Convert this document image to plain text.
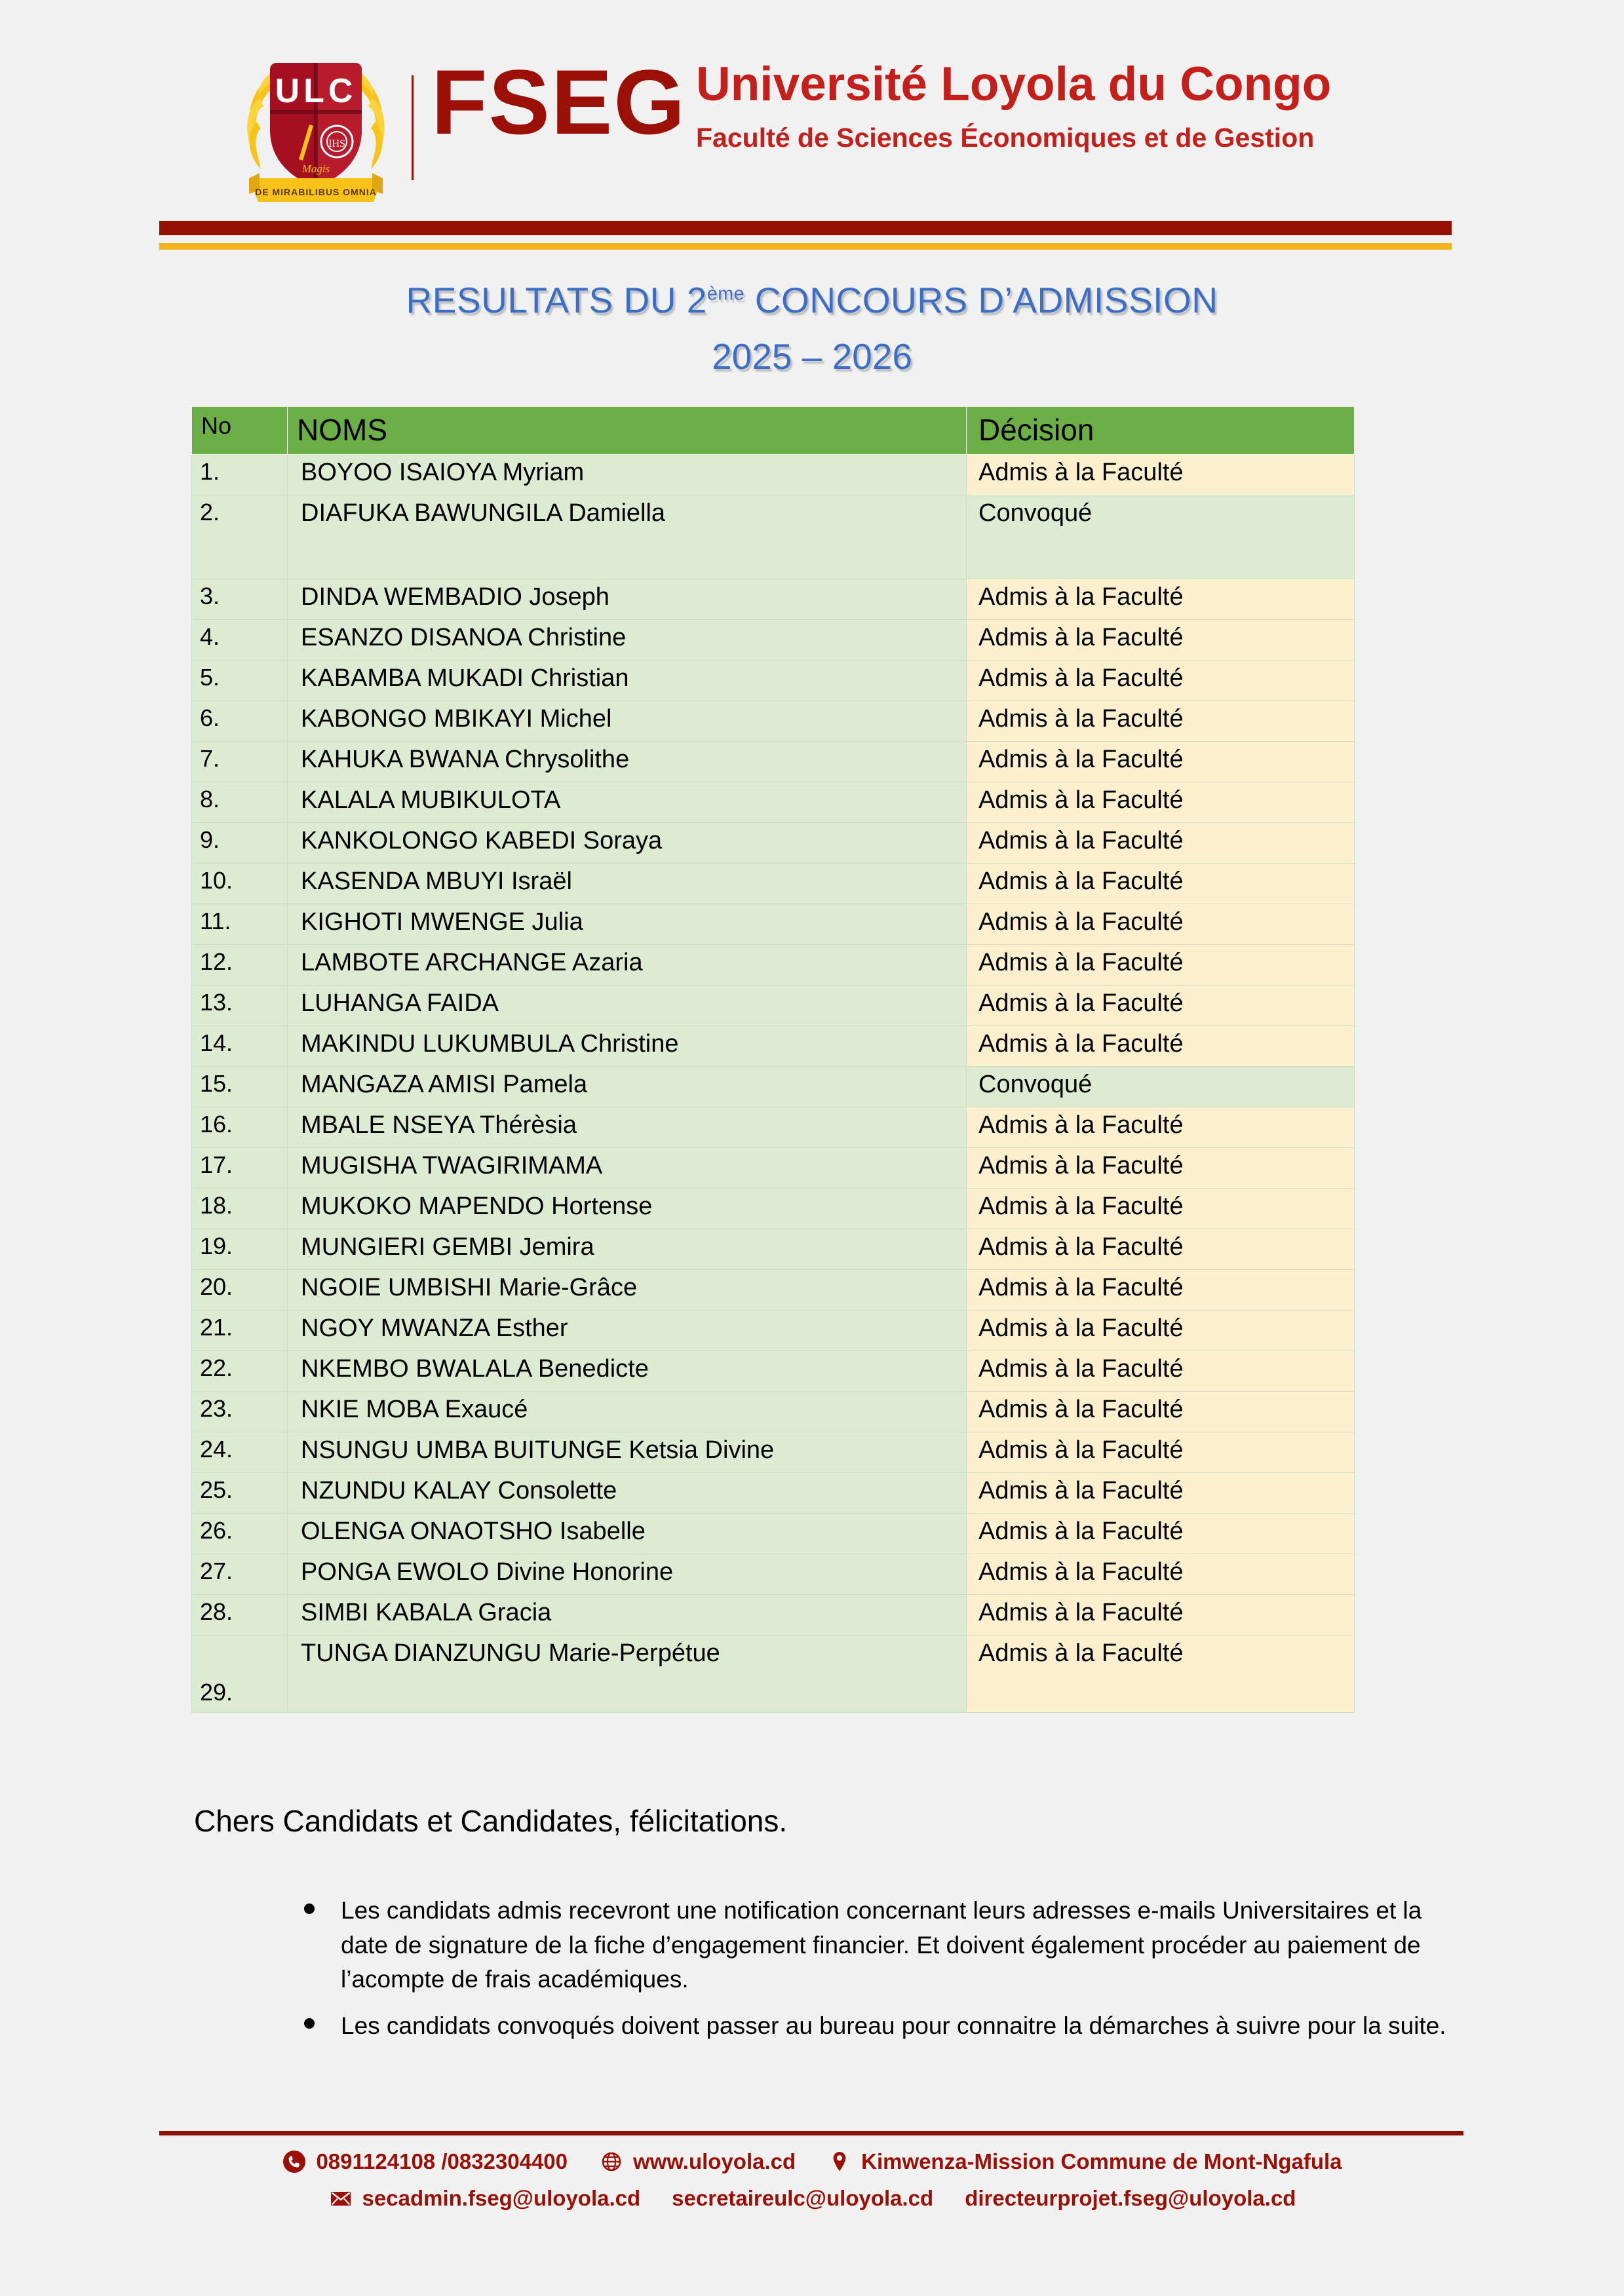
ULC
IHS
Magis
DE MIRABILIBUS OMNIA
FSEG Université Loyola du Congo
Faculté de Sciences Économiques et de Gestion
RESULTATS DU 2ème CONCOURS D’ADMISSION
2025 – 2026
No	NOMS	Décision
1.	BOYOO ISAIOYA Myriam	Admis à la Faculté
2.	DIAFUKA BAWUNGILA Damiella	Convoqué
3.	DINDA WEMBADIO Joseph	Admis à la Faculté
4.	ESANZO DISANOA Christine	Admis à la Faculté
5.	KABAMBA MUKADI Christian	Admis à la Faculté
6.	KABONGO MBIKAYI Michel	Admis à la Faculté
7.	KAHUKA BWANA Chrysolithe	Admis à la Faculté
8.	KALALA MUBIKULOTA	Admis à la Faculté
9.	KANKOLONGO KABEDI Soraya	Admis à la Faculté
10.	KASENDA MBUYI Israël	Admis à la Faculté
11.	KIGHOTI MWENGE Julia	Admis à la Faculté
12.	LAMBOTE ARCHANGE Azaria	Admis à la Faculté
13.	LUHANGA FAIDA	Admis à la Faculté
14.	MAKINDU LUKUMBULA Christine	Admis à la Faculté
15.	MANGAZA AMISI Pamela	Convoqué
16.	MBALE NSEYA Thérèsia	Admis à la Faculté
17.	MUGISHA TWAGIRIMAMA	Admis à la Faculté
18.	MUKOKO MAPENDO Hortense	Admis à la Faculté
19.	MUNGIERI GEMBI Jemira	Admis à la Faculté
20.	NGOIE UMBISHI Marie-Grâce	Admis à la Faculté
21.	NGOY MWANZA Esther	Admis à la Faculté
22.	NKEMBO BWALALA Benedicte	Admis à la Faculté
23.	NKIE MOBA Exaucé	Admis à la Faculté
24.	NSUNGU UMBA BUITUNGE Ketsia Divine	Admis à la Faculté
25.	NZUNDU KALAY Consolette	Admis à la Faculté
26.	OLENGA ONAOTSHO Isabelle	Admis à la Faculté
27.	PONGA EWOLO Divine Honorine	Admis à la Faculté
28.	SIMBI KABALA Gracia	Admis à la Faculté
29.	TUNGA DIANZUNGU Marie-Perpétue	Admis à la Faculté
Chers Candidats et Candidates, félicitations.
Les candidats admis recevront une notification concernant leurs adresses e-mails Universitaires et la date de signature de la fiche d’engagement financier. Et doivent également procéder au paiement de l’acompte de frais académiques.
Les candidats convoqués doivent passer au bureau pour connaitre la démarches à suivre pour la suite.
0891124108 /0832304400	www.uloyola.cd	Kimwenza-Mission Commune de Mont-Ngafula
secadmin.fseg@uloyola.cd secretaireulc@uloyola.cd directeurprojet.fseg@uloyola.cd
